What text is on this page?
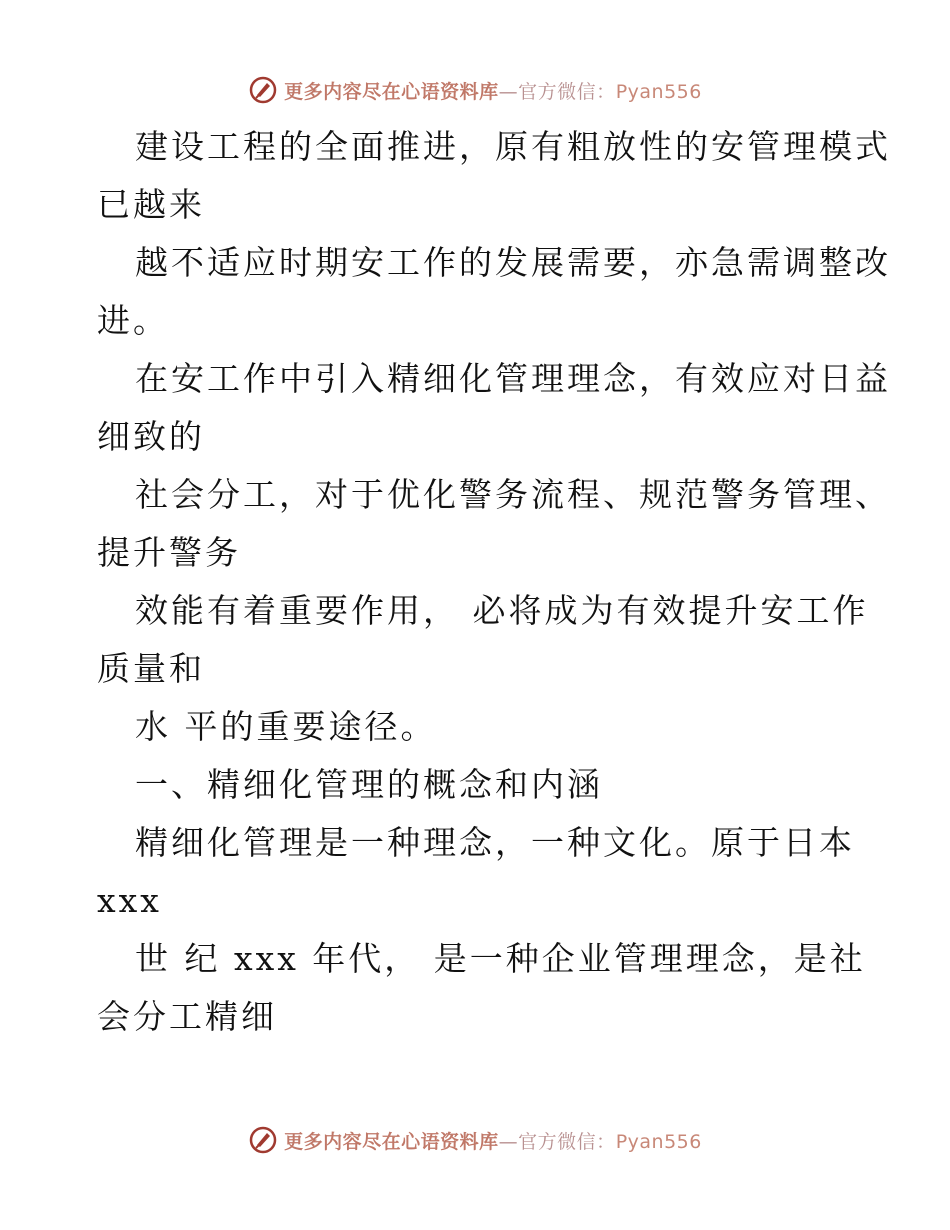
更多内容尽在心语资料库—官方微信：Pyan556
建设工程的全面推进，原有粗放性的安管理模式
已越来
越不适应时期安工作的发展需要，亦急需调整改
进。
在安工作中引入精细化管理理念，有效应对日益
细致的
社会分工，对于优化警务流程、规范警务管理、
提升警务
效能有着重要作用， 必将成为有效提升安工作
质量和
水 平的重要途径。
一、精细化管理的概念和内涵
精细化管理是一种理念，一种文化。原于日本
xxx
世 纪 xxx 年代， 是一种企业管理理念，是社
会分工精细
更多内容尽在心语资料库—官方微信：Pyan556
